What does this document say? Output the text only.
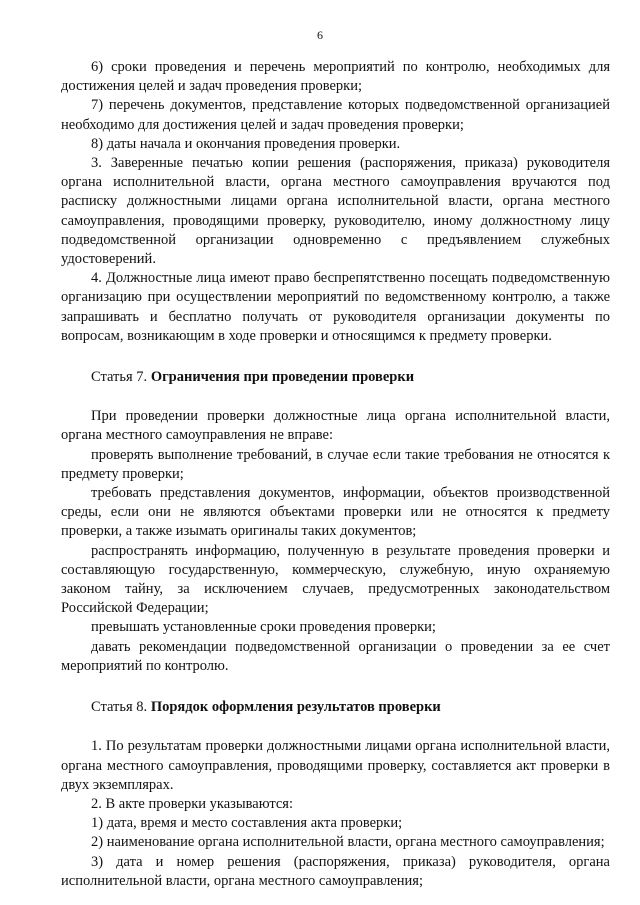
6

6) сроки проведения и перечень мероприятий по контролю, необходимых для достижения целей и задач проведения проверки;

7) перечень документов, представление которых подведомственной организацией необходимо для достижения целей и задач проведения проверки;

8) даты начала и окончания проведения проверки.

3. Заверенные печатью копии решения (распоряжения, приказа) руководителя органа исполнительной власти, органа местного самоуправления вручаются под расписку должностными лицами органа исполнительной власти, органа местного самоуправления, проводящими проверку, руководителю, иному должностному лицу подведомственной организации одновременно с предъявлением служебных удостоверений.

4. Должностные лица имеют право беспрепятственно посещать подведомственную организацию при осуществлении мероприятий по ведомственному контролю, а также запрашивать и бесплатно получать от руководителя организации документы по вопросам, возникающим в ходе проверки и относящимся к предмету проверки.

Статья 7. Ограничения при проведении проверки

При проведении проверки должностные лица органа исполнительной власти, органа местного самоуправления не вправе:

проверять выполнение требований, в случае если такие требования не относятся к предмету проверки;

требовать представления документов, информации, объектов производственной среды, если они не являются объектами проверки или не относятся к предмету проверки, а также изымать оригиналы таких документов;

распространять информацию, полученную в результате проведения проверки и составляющую государственную, коммерческую, служебную, иную охраняемую законом тайну, за исключением случаев, предусмотренных законодательством Российской Федерации;

превышать установленные сроки проведения проверки;

давать рекомендации подведомственной организации о проведении за ее счет мероприятий по контролю.

Статья 8. Порядок оформления результатов проверки

1. По результатам проверки должностными лицами органа исполнительной власти, органа местного самоуправления, проводящими проверку, составляется акт проверки в двух экземплярах.

2. В акте проверки указываются:

1) дата, время и место составления акта проверки;

2) наименование органа исполнительной власти, органа местного самоуправления;

3) дата и номер решения (распоряжения, приказа) руководителя, органа исполнительной власти, органа местного самоуправления;
